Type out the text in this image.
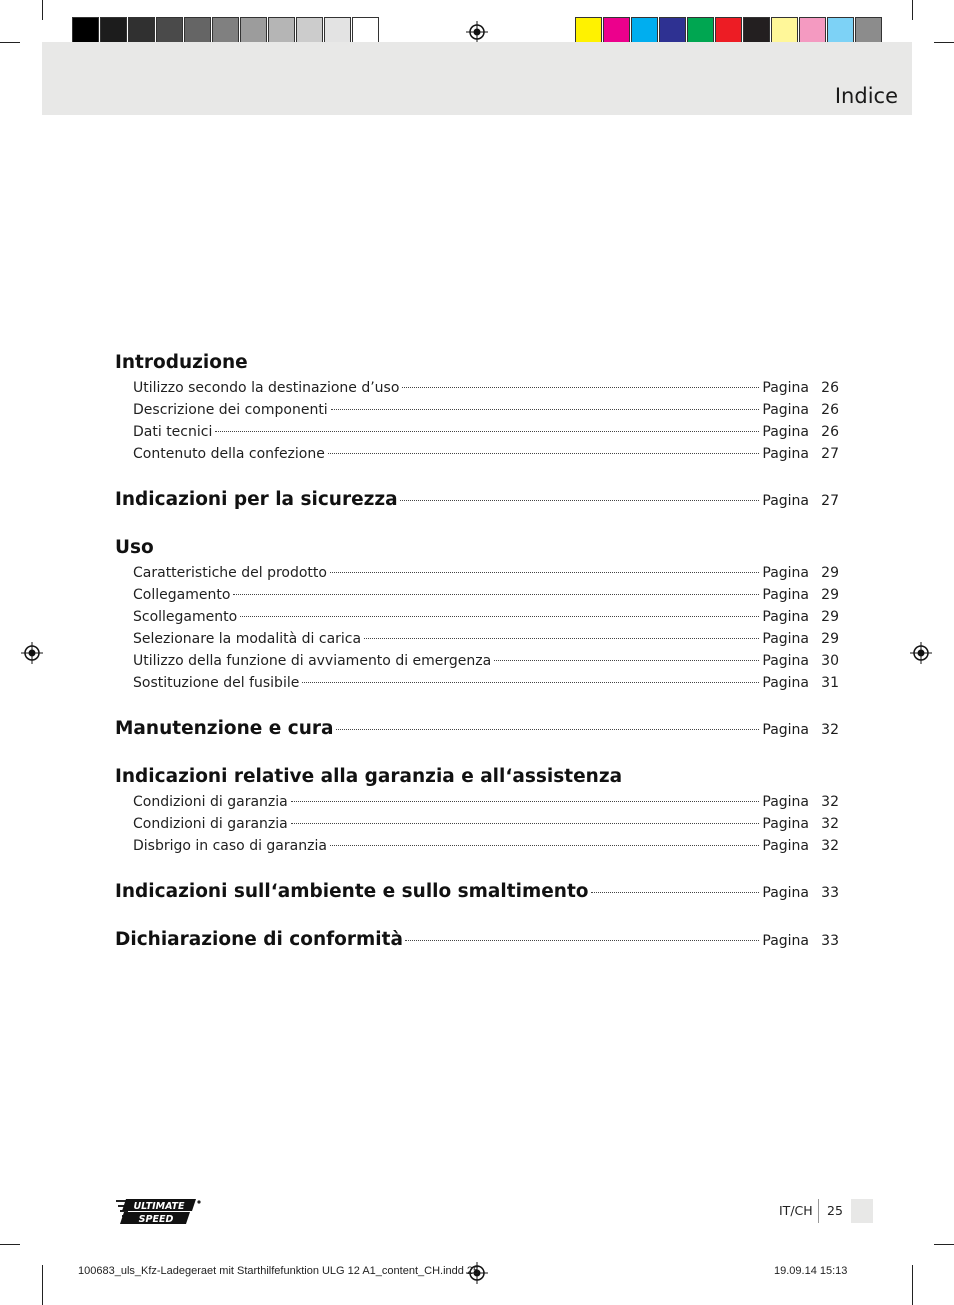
Indice
Introduzione
Utilizzo secondo la destinazione d’uso	Pagina 26
Descrizione dei componenti	Pagina 26
Dati tecnici	Pagina 26
Contenuto della confezione	Pagina 27
Indicazioni per la sicurezza	Pagina 27
Uso
Caratteristiche del prodotto	Pagina 29
Collegamento	Pagina 29
Scollegamento	Pagina 29
Selezionare la modalità di carica	Pagina 29
Utilizzo della funzione di avviamento di emergenza	Pagina 30
Sostituzione del fusibile	Pagina 31
Manutenzione e cura	Pagina 32
Indicazioni relative alla garanzia e all‘assistenza
Condizioni di garanzia	Pagina 32
Condizioni di garanzia	Pagina 32
Disbrigo in caso di garanzia	Pagina 32
Indicazioni sull‘ambiente e sullo smaltimento	Pagina 33
Dichiarazione di conformità	Pagina 33
ULTIMATE
SPEED
IT/CH 25
100683_uls_Kfz-Ladegeraet mit Starthilfefunktion ULG 12 A1_content_CH.indd 25	19.09.14 15:13
